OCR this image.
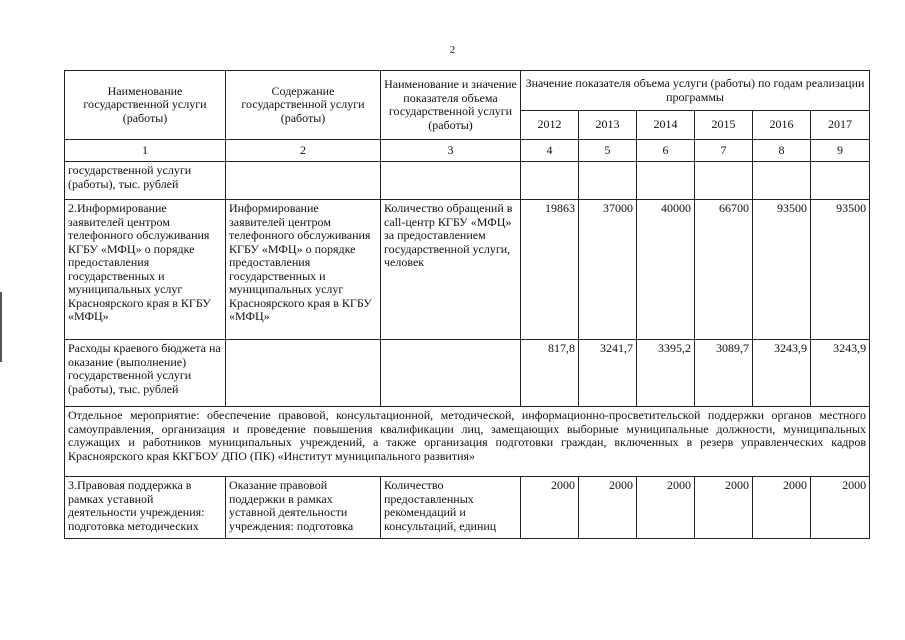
2
Наименование государственной услуги (работы)	Содержание государственной услуги (работы)	Наименование и значение показателя объема государственной услуги (работы)	Значение показателя объема услуги (работы) по годам реализации программы					
			2012	2013	2014	2015	2016	2017
1	2	3	4	5	6	7	8	9
государственной услуги (работы), тыс. рублей								
2.Информирование заявителей центром телефонного обслуживания КГБУ «МФЦ» о порядке предоставления государственных и муниципальных услуг Красноярского края в КГБУ «МФЦ»	Информирование заявителей центром телефонного обслуживания КГБУ «МФЦ» о порядке предоставления государственных и муниципальных услуг Красноярского края в КГБУ «МФЦ»	Количество обращений в call-центр КГБУ «МФЦ» за предоставлением государственной услуги, человек	19863	37000	40000	66700	93500	93500
Расходы краевого бюджета на оказание (выполнение) государственной услуги (работы), тыс. рублей			817,8	3241,7	3395,2	3089,7	3243,9	3243,9
Отдельное мероприятие: обеспечение правовой, консультационной, методической, информационно-просветительской поддержки органов местного самоуправления, организация и проведение повышения квалификации лиц, замещающих выборные муниципальные должности, муниципальных служащих и работников муниципальных учреждений, а также организация подготовки граждан, включенных в резерв управленческих кадров Красноярского края ККГБОУ ДПО (ПК) «Институт муниципального развития»								
3.Правовая поддержка в рамках уставной деятельности учреждения: подготовка методических	Оказание правовой поддержки в рамках уставной деятельности учреждения: подготовка	Количество предоставленных рекомендаций и консультаций, единиц	2000	2000	2000	2000	2000	2000
